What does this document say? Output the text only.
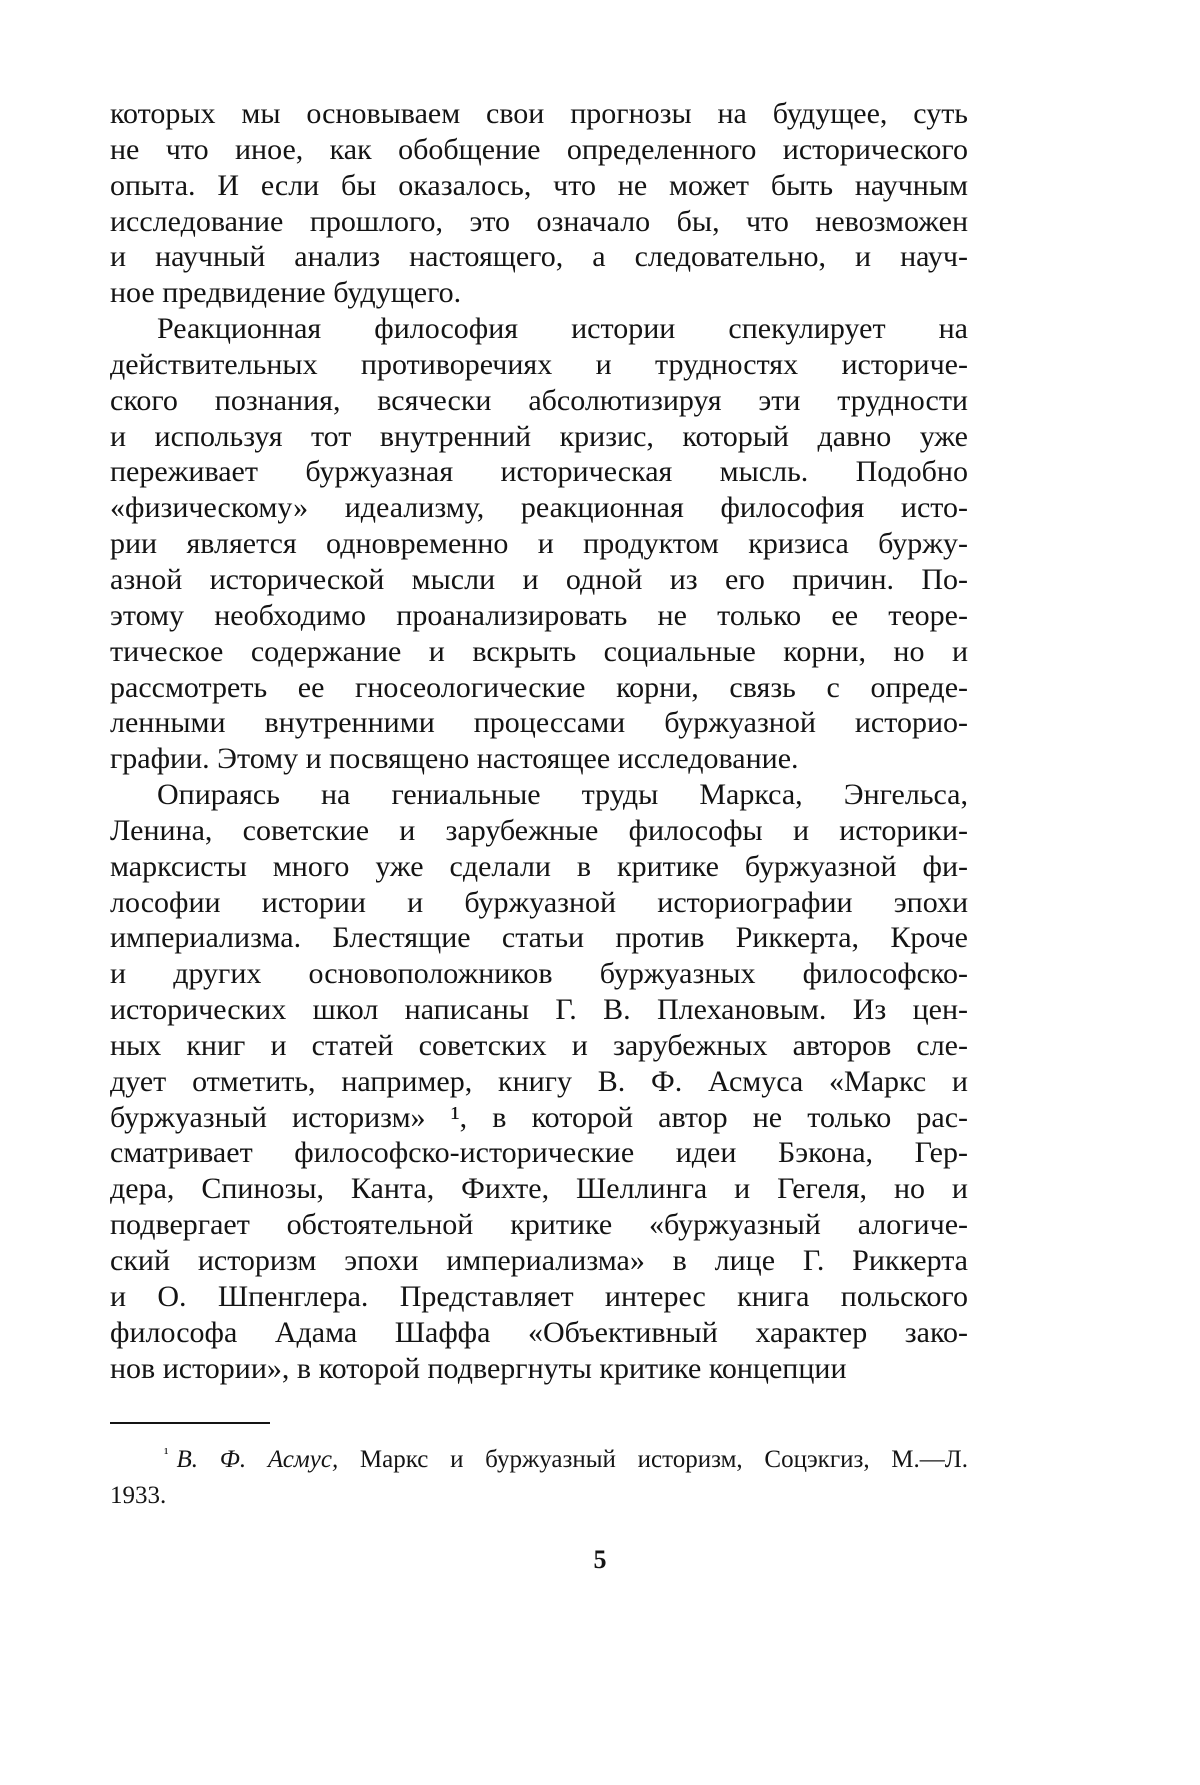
которых мы основываем свои прогнозы на будущее, суть
не что иное, как обобщение определенного исторического
опыта. И если бы оказалось, что не может быть научным
исследование прошлого, это означало бы, что невозможен
и научный анализ настоящего, а следовательно, и науч-
ное предвидение будущего.
Реакционная философия истории спекулирует на
действительных противоречиях и трудностях историче-
ского познания, всячески абсолютизируя эти трудности
и используя тот внутренний кризис, который давно уже
переживает буржуазная историческая мысль. Подобно
«физическому» идеализму, реакционная философия исто-
рии является одновременно и продуктом кризиса буржу-
азной исторической мысли и одной из его причин. По-
этому необходимо проанализировать не только ее теоре-
тическое содержание и вскрыть социальные корни, но и
рассмотреть ее гносеологические корни, связь с опреде-
ленными внутренними процессами буржуазной историо-
графии. Этому и посвящено настоящее исследование.
Опираясь на гениальные труды Маркса, Энгельса,
Ленина, советские и зарубежные философы и историки-
марксисты много уже сделали в критике буржуазной фи-
лософии истории и буржуазной историографии эпохи
империализма. Блестящие статьи против Риккерта, Кроче
и других основоположников буржуазных философско-
исторических школ написаны Г. В. Плехановым. Из цен-
ных книг и статей советских и зарубежных авторов сле-
дует отметить, например, книгу В. Ф. Асмуса «Маркс и
буржуазный историзм» ¹, в которой автор не только рас-
сматривает философско-исторические идеи Бэкона, Гер-
дера, Спинозы, Канта, Фихте, Шеллинга и Гегеля, но и
подвергает обстоятельной критике «буржуазный алогиче-
ский историзм эпохи империализма» в лице Г. Риккерта
и О. Шпенглера. Представляет интерес книга польского
философа Адама Шаффа «Объективный характер зако-
нов истории», в которой подвергнуты критике концепции
$^{^1}$ В. Ф. Асмус, Маркс и буржуазный историзм, Соцэкгиз, М.—Л.
1933.
5
